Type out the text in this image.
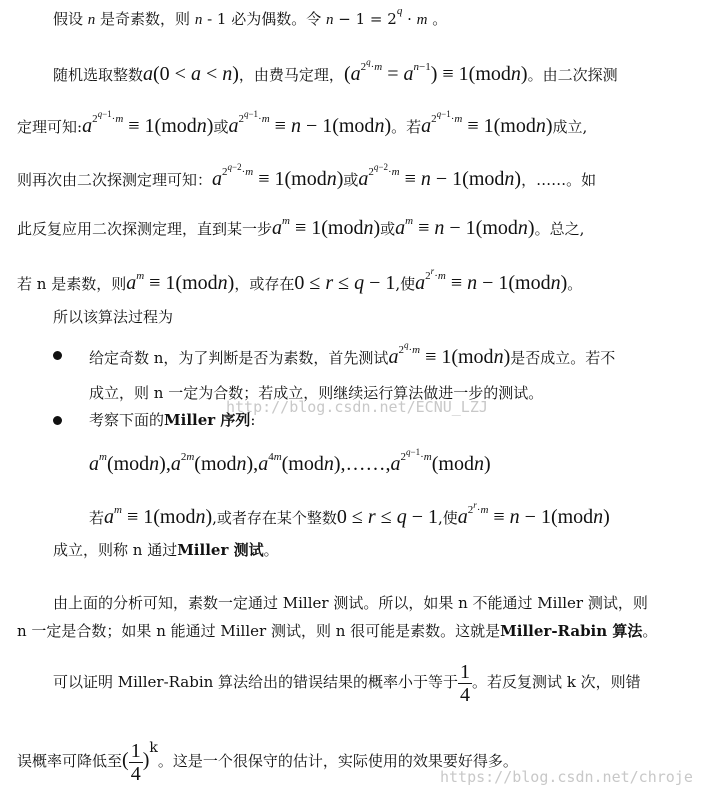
假设 n 是奇素数，则 n - 1 必为偶数。令 $n - 1 = 2^q \cdot m$ 。
随机选取整数a(0 < a < n)，由费马定理，$(a^{2^q\cdot m} = a^{n-1})$ ≡ 1(modn)。由二次探测
定理可知$:a^{2^{q-1}\cdot m}$ ≡ 1(modn)或$a^{2^{q-1}\cdot m} \equiv n$ − 1(modn)。若$a^{2^{q-1}\cdot m}$ ≡ 1(modn)成立,
则再次由二次探测定理可知：$a^{2^{q-2}\cdot m}$ ≡ 1(modn)或$a^{2^{q-2}\cdot m} \equiv n$ − 1(modn)，……。如
此反复应用二次探测定理，直到某一步$a^m$ ≡ 1(modn)或$a^m \equiv n$ − 1(modn)。总之,
若 n 是素数，则$a^m$ ≡ 1(modn)，或存在0 ≤ r ≤ q − 1,使$a^{2^r\cdot m} \equiv n$ − 1(modn)。
所以该算法过程为
给定奇数 n，为了判断是否为素数，首先测试$a^{2^q\cdot m}$ ≡ 1(modn)是否成立。若不
成立，则 n 一定为合数；若成立，则继续运行算法做进一步的测试。
http://blog.csdn.net/ECNU_LZJ
考察下面的Miller 序列:
$a^m(modn),a^{2m}(modn),a^{4m}(modn),\dots\dots,a^{2^{q-1}\cdot m}(modn)$
若$a^m$ ≡ 1(modn),或者存在某个整数0 ≤ r ≤ q − 1,使$a^{2^r\cdot m} \equiv n$ − 1(modn)
成立，则称 n 通过Miller 测试。
由上面的分析可知，素数一定通过 Miller 测试。所以，如果 n 不能通过 Miller 测试，则
n 一定是合数；如果 n 能通过 Miller 测试，则 n 很可能是素数。这就是Miller-Rabin 算法。
可以证明 Miller-Rabin 算法给出的错误结果的概率小于等于 $\frac{1}{4}$ 。若反复测试 k 次，则错
误概率可降低至( $\frac{1}{4} )^k$。这是一个很保守的估计，实际使用的效果要好得多。
https://blog.csdn.net/chroje
